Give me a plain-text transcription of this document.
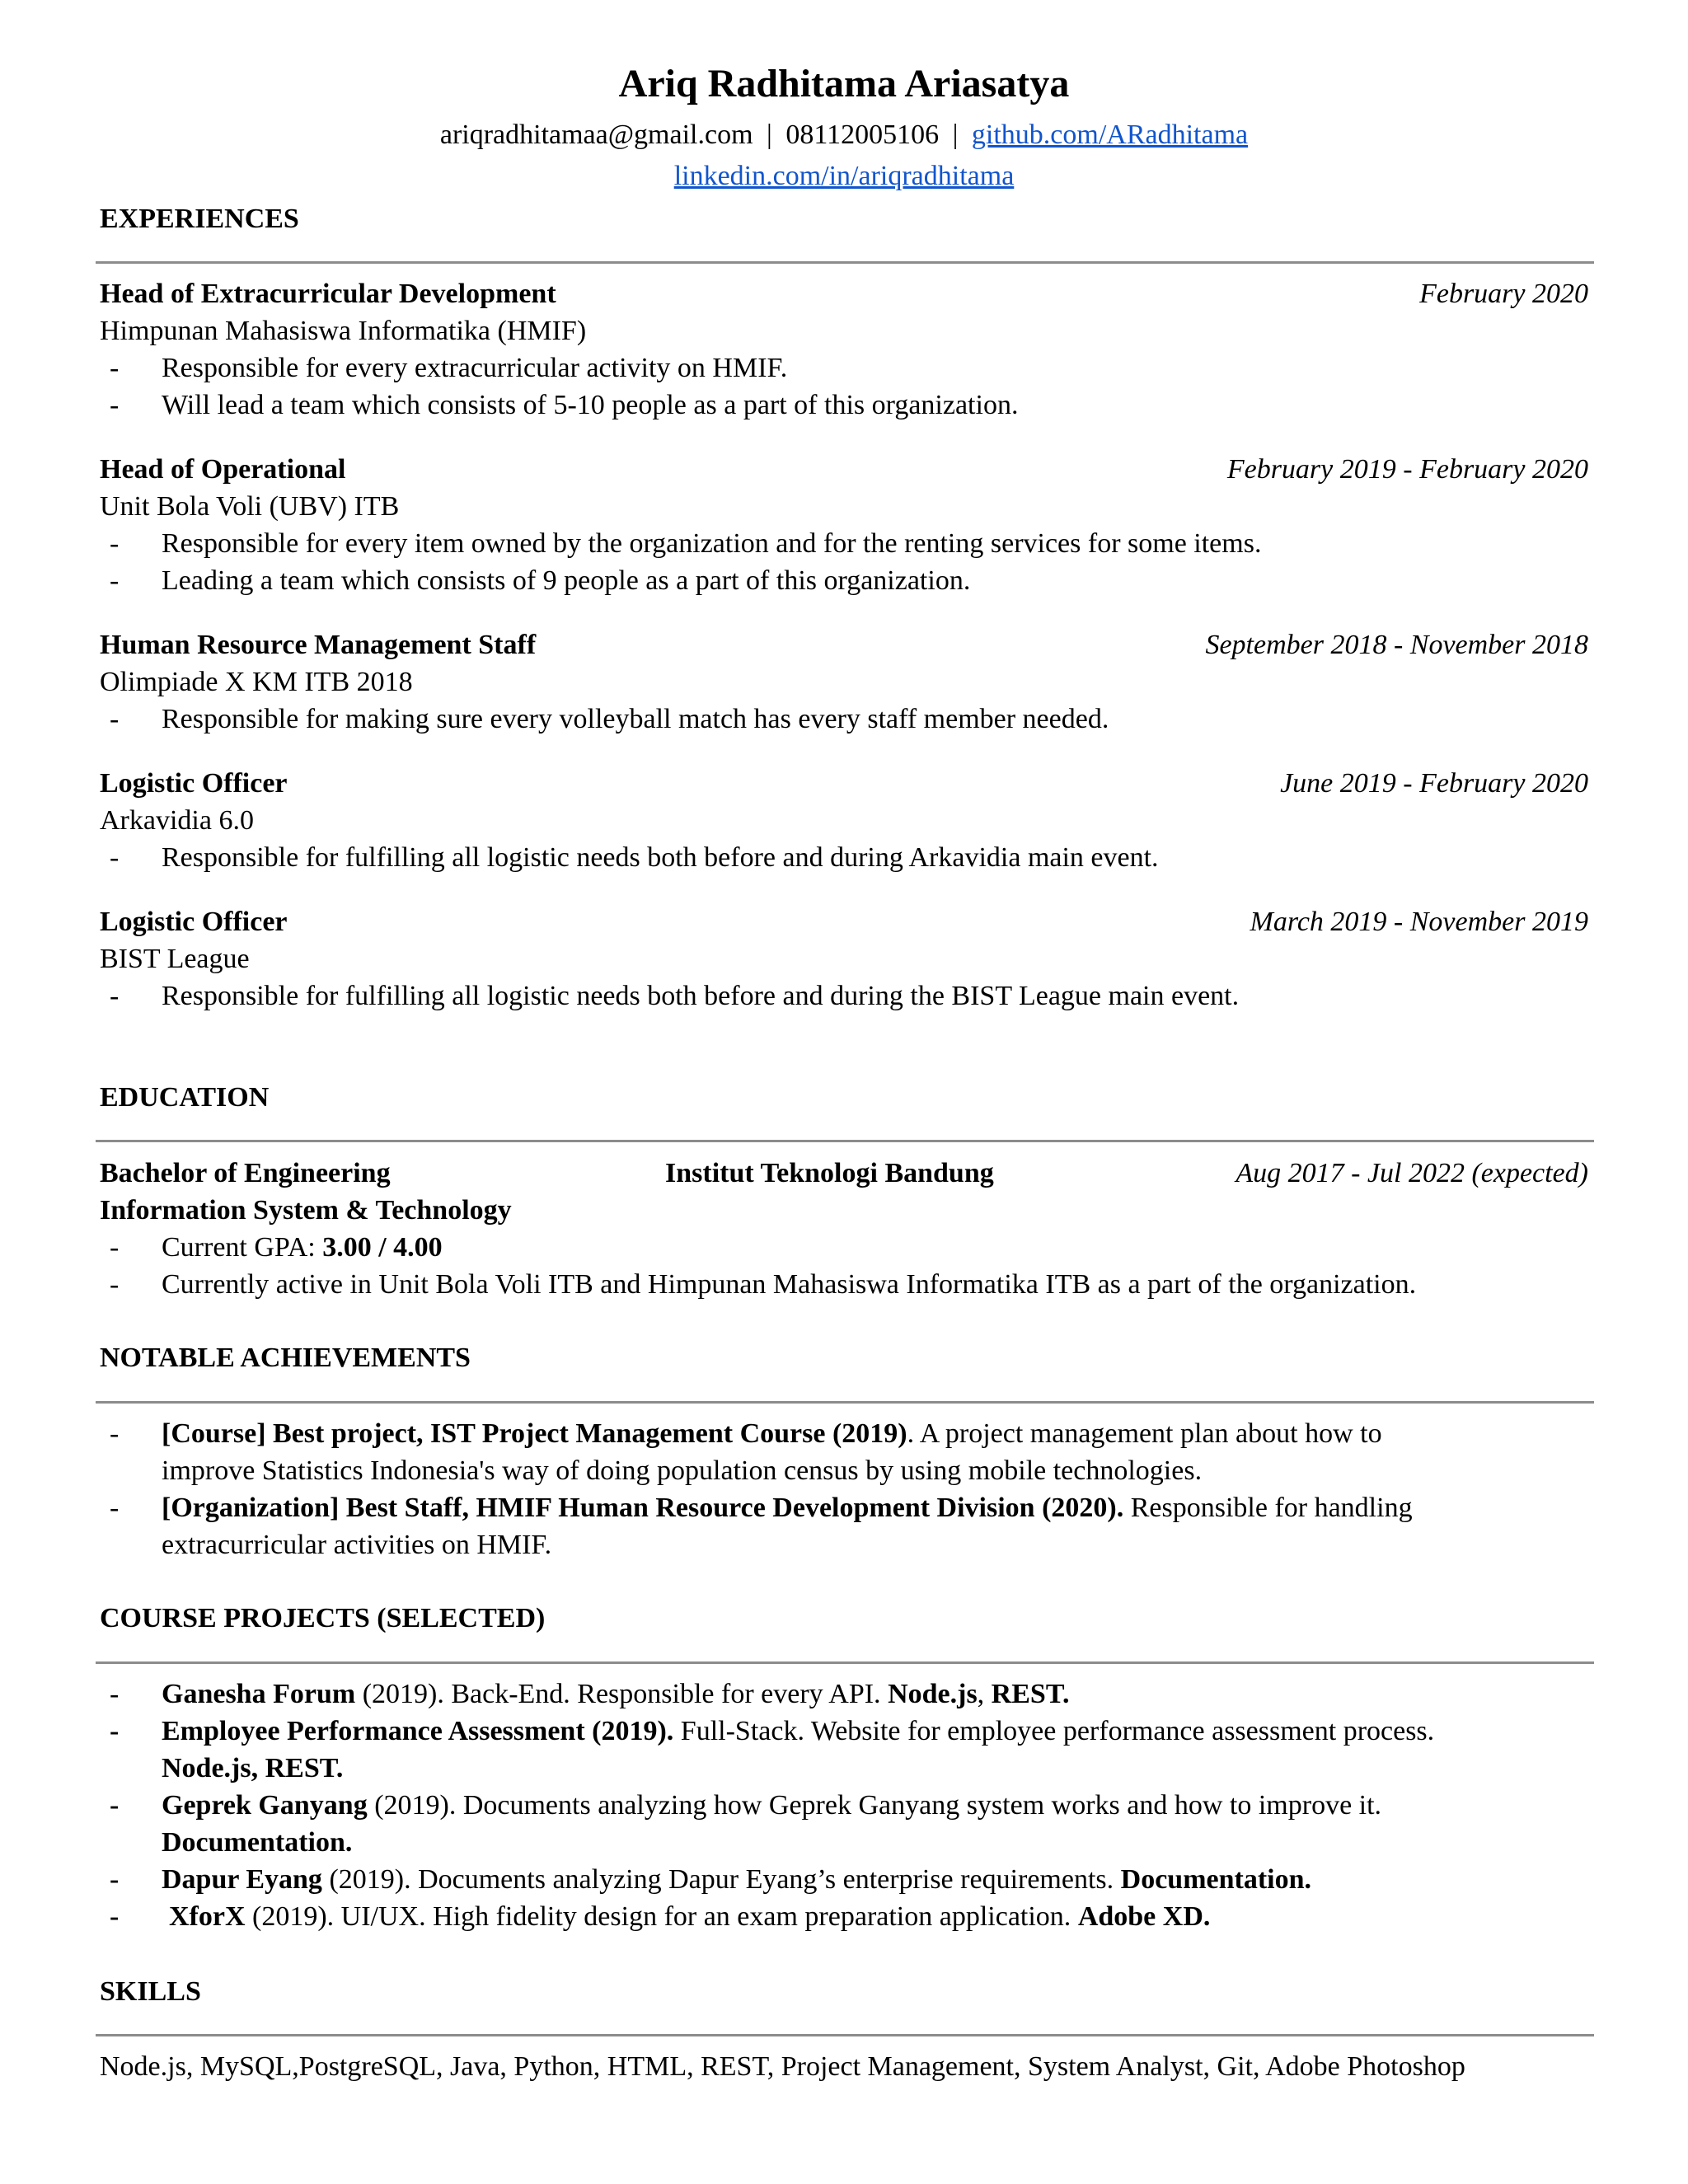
Ariq Radhitama Ariasatya
ariqradhitamaa@gmail.com | 08112005106 | github.com/ARadhitama
linkedin.com/in/ariqradhitama
EXPERIENCES
Head of Extracurricular Development	February 2020
Himpunan Mahasiswa Informatika (HMIF)
- Responsible for every extracurricular activity on HMIF.
- Will lead a team which consists of 5-10 people as a part of this organization.
Head of Operational	February 2019 - February 2020
Unit Bola Voli (UBV) ITB
- Responsible for every item owned by the organization and for the renting services for some items.
- Leading a team which consists of 9 people as a part of this organization.
Human Resource Management Staff	September 2018 - November 2018
Olimpiade X KM ITB 2018
- Responsible for making sure every volleyball match has every staff member needed.
Logistic Officer	June 2019 - February 2020
Arkavidia 6.0
- Responsible for fulfilling all logistic needs both before and during Arkavidia main event.
Logistic Officer	March 2019 - November 2019
BIST League
- Responsible for fulfilling all logistic needs both before and during the BIST League main event.
EDUCATION
Bachelor of Engineering	Institut Teknologi Bandung	Aug 2017 - Jul 2022 (expected)
Information System & Technology
- Current GPA: 3.00 / 4.00
- Currently active in Unit Bola Voli ITB and Himpunan Mahasiswa Informatika ITB as a part of the organization.
NOTABLE ACHIEVEMENTS
- [Course] Best project, IST Project Management Course (2019). A project management plan about how to
improve Statistics Indonesia's way of doing population census by using mobile technologies.
- [Organization] Best Staff, HMIF Human Resource Development Division (2020). Responsible for handling
extracurricular activities on HMIF.
COURSE PROJECTS (SELECTED)
- Ganesha Forum (2019). Back-End. Responsible for every API. Node.js, REST.
- Employee Performance Assessment (2019). Full-Stack. Website for employee performance assessment process.
Node.js, REST.
- Geprek Ganyang (2019). Documents analyzing how Geprek Ganyang system works and how to improve it.
Documentation.
- Dapur Eyang (2019). Documents analyzing Dapur Eyang’s enterprise requirements. Documentation.
- XforX (2019). UI/UX. High fidelity design for an exam preparation application. Adobe XD.
SKILLS
Node.js, MySQL,PostgreSQL, Java, Python, HTML, REST, Project Management, System Analyst, Git, Adobe Photoshop
